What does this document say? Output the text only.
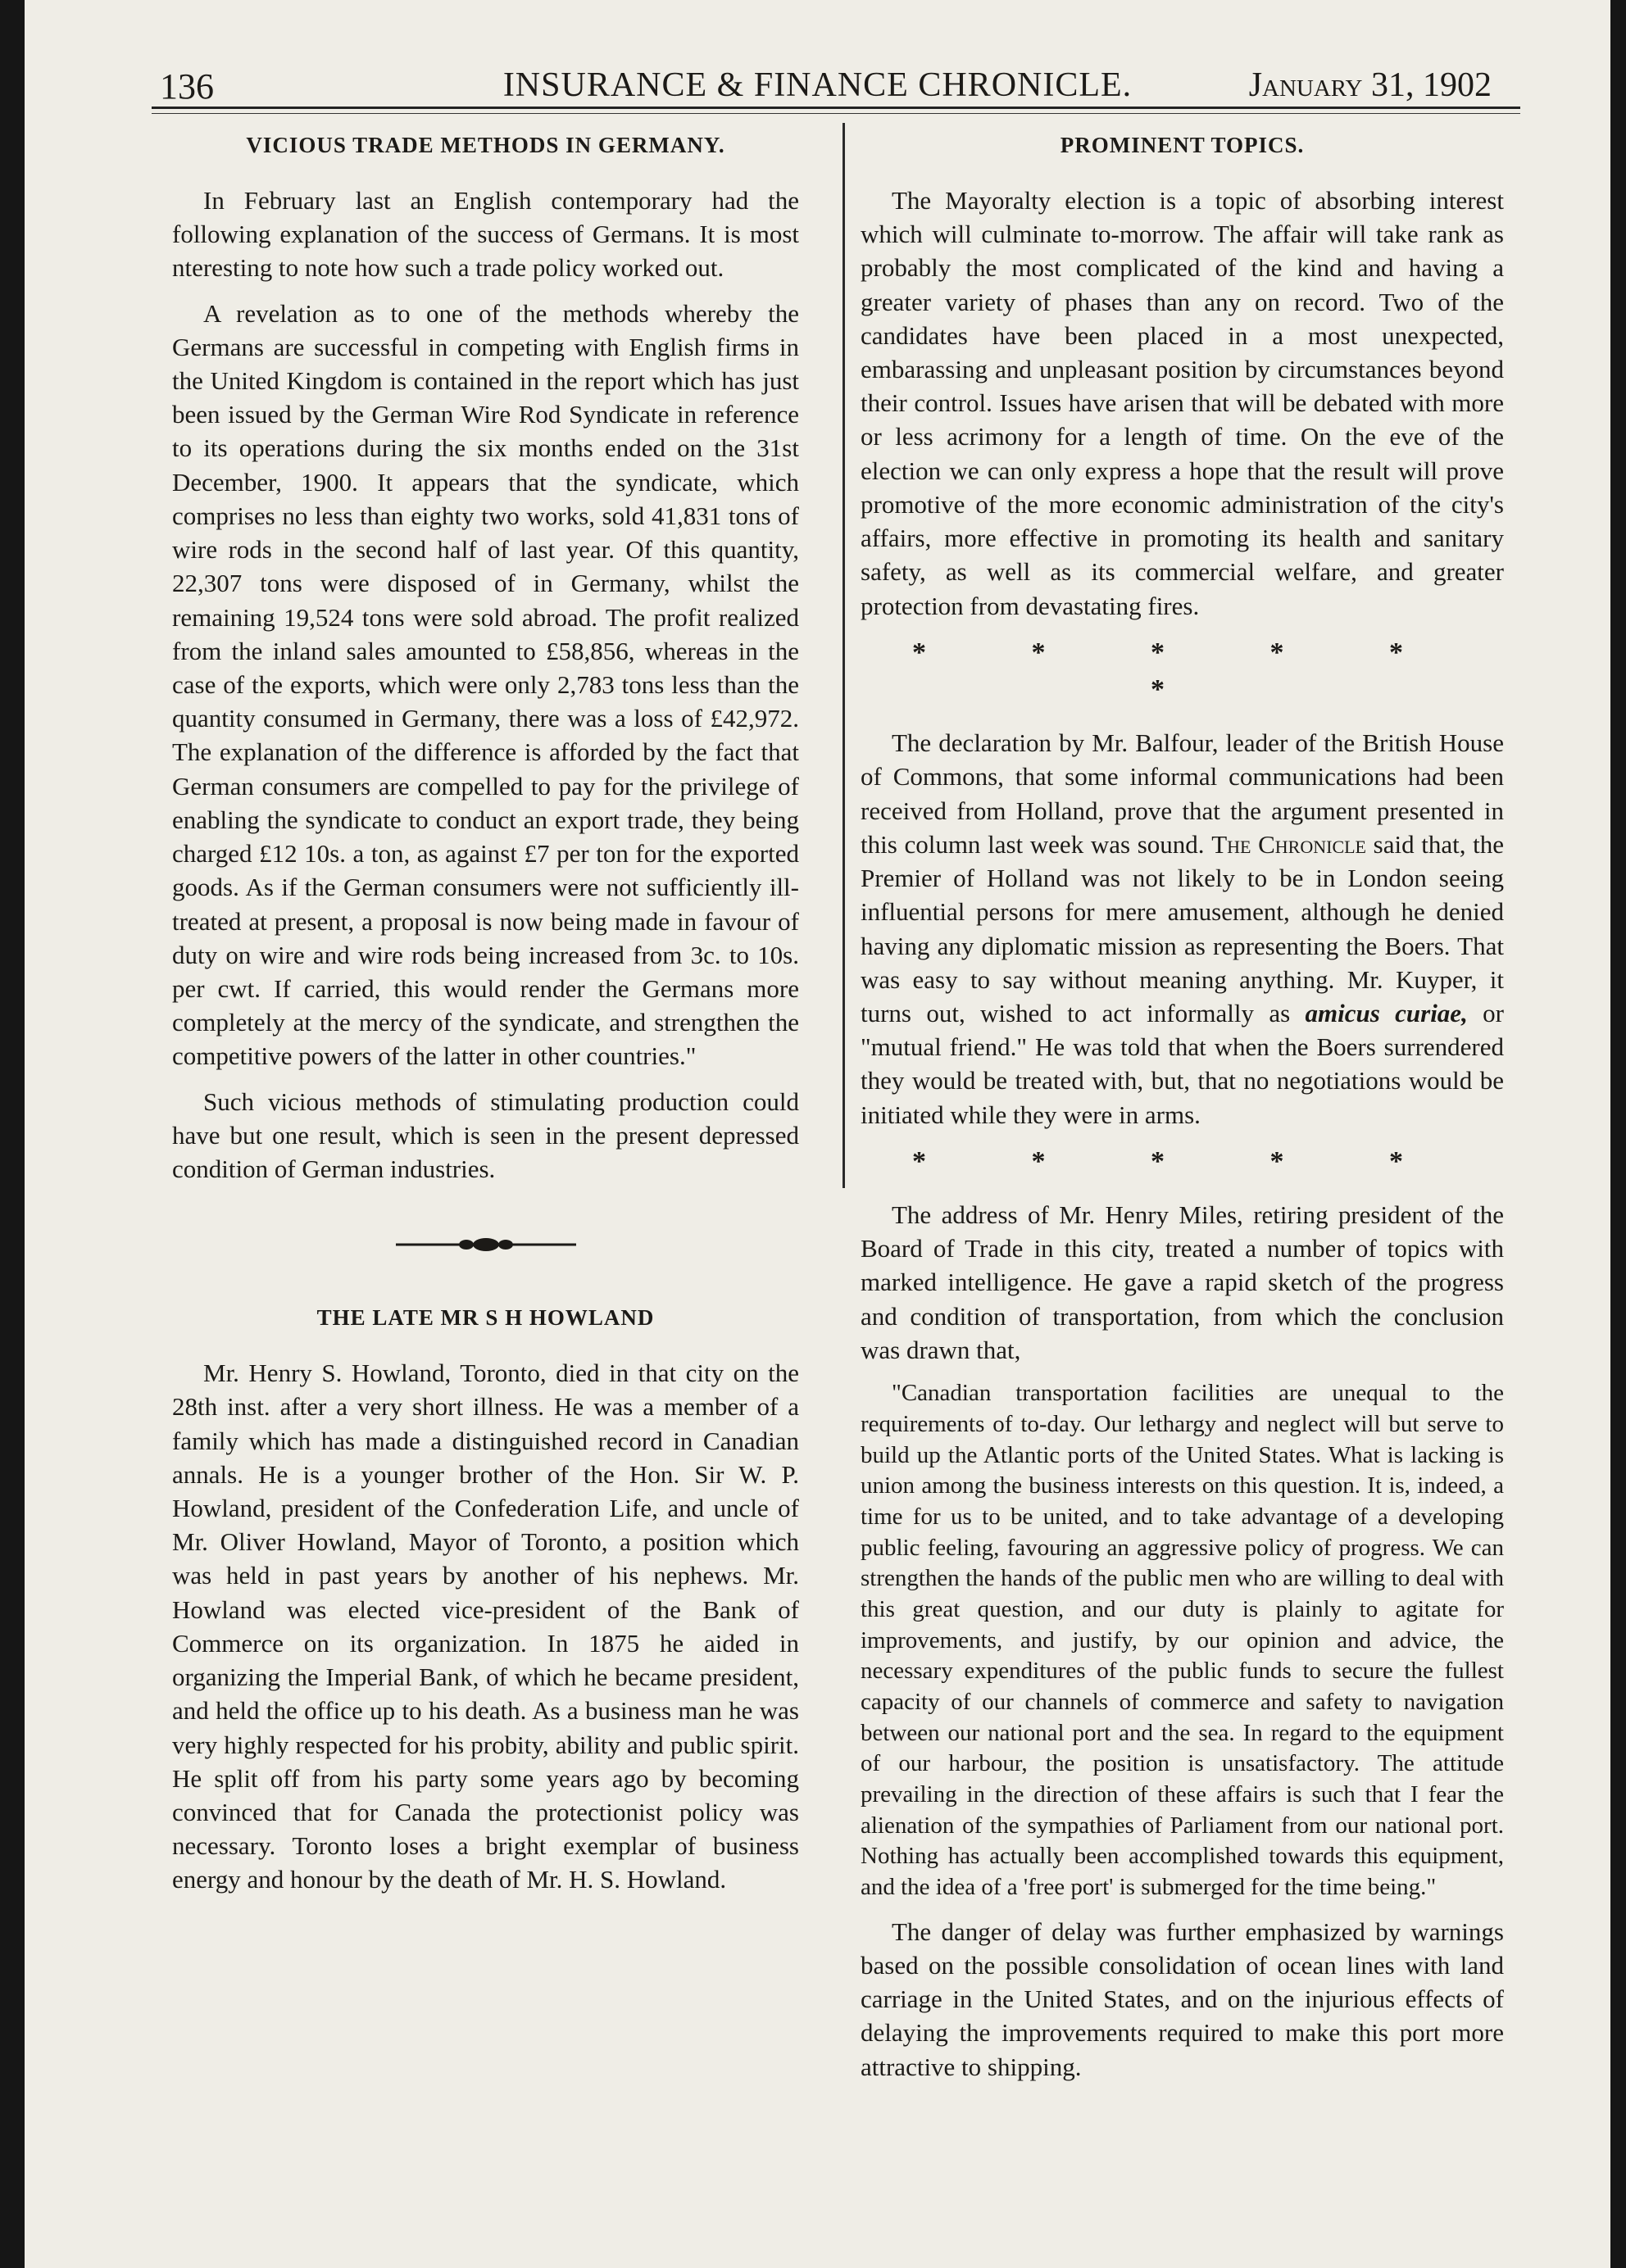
136	INSURANCE & FINANCE CHRONICLE.	January 31, 1902
VICIOUS TRADE METHODS IN GERMANY.

In February last an English contemporary had the following explanation of the success of Germans. It is most nteresting to note how such a trade policy worked out.

A revelation as to one of the methods whereby the Germans are successful in competing with English firms in the United Kingdom is contained in the report which has just been issued by the German Wire Rod Syndicate in reference to its operations during the six months ended on the 31st December, 1900. It appears that the syndicate, which comprises no less than eighty two works, sold 41,831 tons of wire rods in the second half of last year. Of this quantity, 22,307 tons were disposed of in Germany, whilst the remaining 19,524 tons were sold abroad. The profit realized from the inland sales amounted to £58,856, whereas in the case of the exports, which were only 2,783 tons less than the quantity consumed in Germany, there was a loss of £42,972. The explanation of the difference is afforded by the fact that German consumers are compelled to pay for the privilege of enabling the syndicate to conduct an export trade, they being charged £12 10s. a ton, as against £7 per ton for the exported goods. As if the German consumers were not sufficiently ill-treated at present, a proposal is now being made in favour of duty on wire and wire rods being increased from 3c. to 10s. per cwt. If carried, this would render the Germans more completely at the mercy of the syndicate, and strengthen the competitive powers of the latter in other countries."

Such vicious methods of stimulating production could have but one result, which is seen in the present depressed condition of German industries.

THE LATE MR S H HOWLAND

Mr. Henry S. Howland, Toronto, died in that city on the 28th inst. after a very short illness. He was a member of a family which has made a distinguished record in Canadian annals. He is a younger brother of the Hon. Sir W. P. Howland, president of the Confederation Life, and uncle of Mr. Oliver Howland, Mayor of Toronto, a position which was held in past years by another of his nephews. Mr. Howland was elected vice-president of the Bank of Commerce on its organization. In 1875 he aided in organizing the Imperial Bank, of which he became president, and held the office up to his death. As a business man he was very highly respected for his probity, ability and public spirit. He split off from his party some years ago by becoming convinced that for Canada the protectionist policy was necessary. Toronto loses a bright exemplar of business energy and honour by the death of Mr. H. S. Howland.

PROMINENT TOPICS.

The Mayoralty election is a topic of absorbing interest which will culminate to-morrow. The affair will take rank as probably the most complicated of the kind and having a greater variety of phases than any on record. Two of the candidates have been placed in a most unexpected, embarassing and unpleasant position by circumstances beyond their control. Issues have arisen that will be debated with more or less acrimony for a length of time. On the eve of the election we can only express a hope that the result will prove promotive of the more economic administration of the city's affairs, more effective in promoting its health and sanitary safety, as well as its commercial welfare, and greater protection from devastating fires.

* * * * * *

The declaration by Mr. Balfour, leader of the British House of Commons, that some informal communications had been received from Holland, prove that the argument presented in this column last week was sound. The Chronicle said that, the Premier of Holland was not likely to be in London seeing influential persons for mere amusement, although he denied having any diplomatic mission as representing the Boers. That was easy to say without meaning anything. Mr. Kuyper, it turns out, wished to act informally as amicus curiae, or "mutual friend." He was told that when the Boers surrendered they would be treated with, but, that no negotiations would be initiated while they were in arms.

* * * * *

The address of Mr. Henry Miles, retiring president of the Board of Trade in this city, treated a number of topics with marked intelligence. He gave a rapid sketch of the progress and condition of transportation, from which the conclusion was drawn that,

"Canadian transportation facilities are unequal to the requirements of to-day. Our lethargy and neglect will but serve to build up the Atlantic ports of the United States. What is lacking is union among the business interests on this question. It is, indeed, a time for us to be united, and to take advantage of a developing public feeling, favouring an aggressive policy of progress. We can strengthen the hands of the public men who are willing to deal with this great question, and our duty is plainly to agitate for improvements, and justify, by our opinion and advice, the necessary expenditures of the public funds to secure the fullest capacity of our channels of commerce and safety to navigation between our national port and the sea. In regard to the equipment of our harbour, the position is unsatisfactory. The attitude prevailing in the direction of these affairs is such that I fear the alienation of the sympathies of Parliament from our national port. Nothing has actually been accomplished towards this equipment, and the idea of a 'free port' is submerged for the time being."

The danger of delay was further emphasized by warnings based on the possible consolidation of ocean lines with land carriage in the United States, and on the injurious effects of delaying the improvements required to make this port more attractive to shipping.
